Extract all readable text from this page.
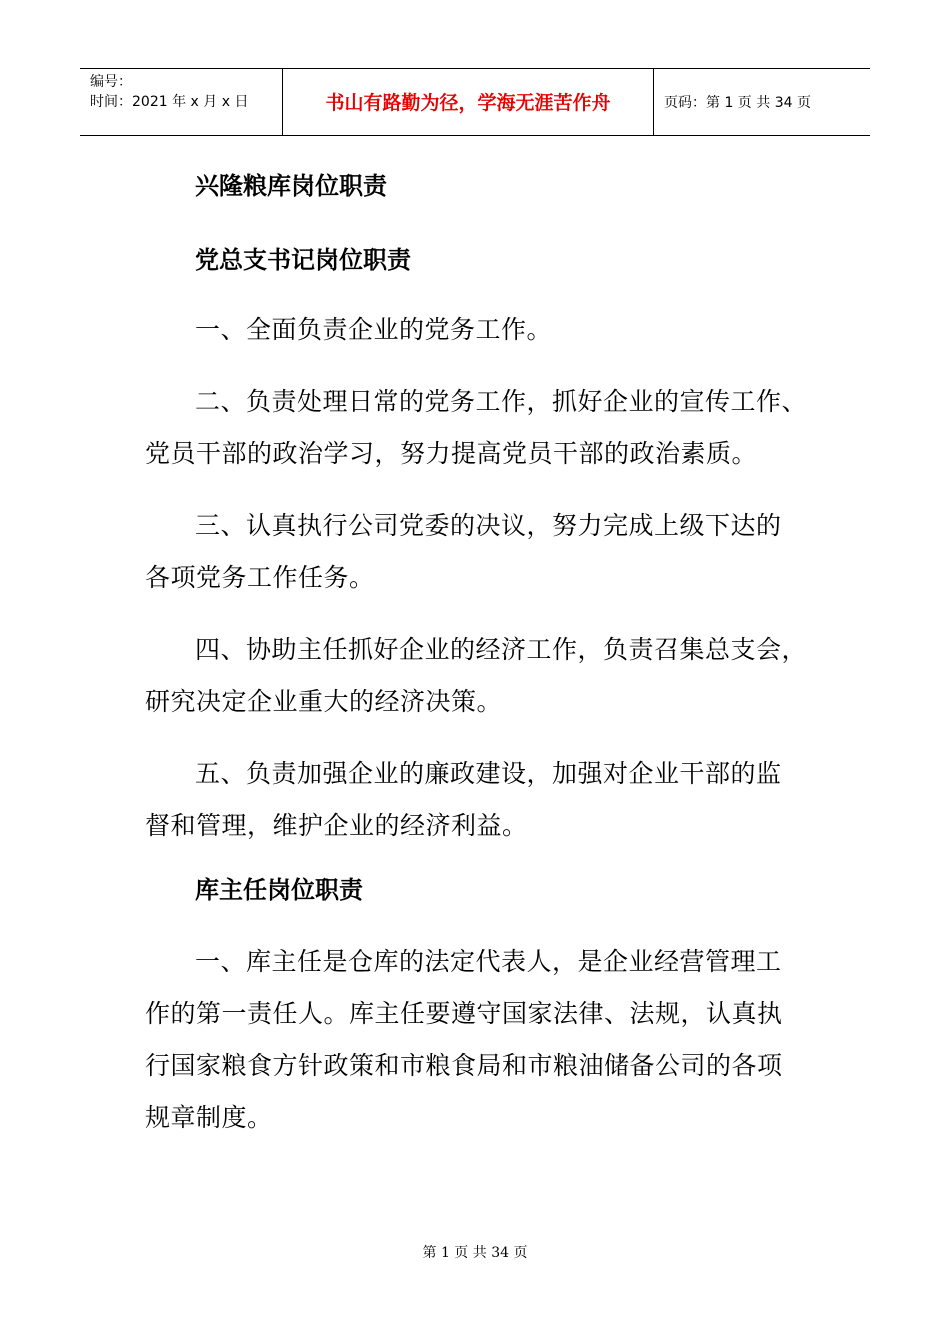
编号：
时间：2021 年 x 月 x 日	书山有路勤为径，学海无涯苦作舟	页码：第 1 页 共 34 页
兴隆粮库岗位职责
党总支书记岗位职责
一、全面负责企业的党务工作。
二、负责处理日常的党务工作，抓好企业的宣传工作、
党员干部的政治学习，努力提高党员干部的政治素质。
三、认真执行公司党委的决议，努力完成上级下达的
各项党务工作任务。
四、协助主任抓好企业的经济工作，负责召集总支会，
研究决定企业重大的经济决策。
五、负责加强企业的廉政建设，加强对企业干部的监
督和管理，维护企业的经济利益。
库主任岗位职责
一、库主任是仓库的法定代表人，是企业经营管理工
作的第一责任人。库主任要遵守国家法律、法规，认真执
行国家粮食方针政策和市粮食局和市粮油储备公司的各项
规章制度。
第 1 页 共 34 页
